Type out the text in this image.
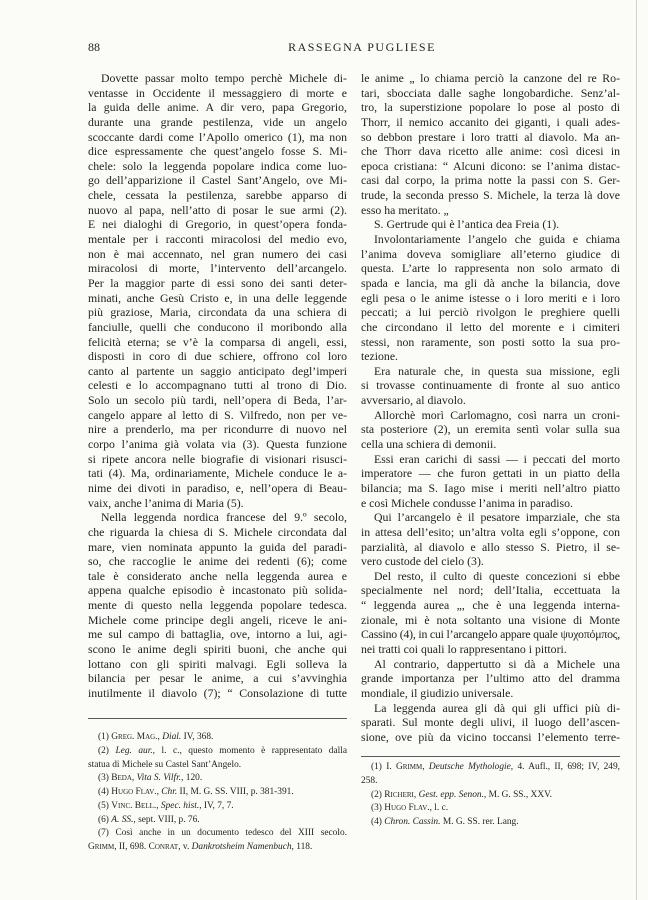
88	RASSEGNA PUGLIESE
Dovette passar molto tempo perchè Michele di-
ventasse in Occidente il messaggiero di morte e
la guida delle anime. A dir vero, papa Gregorio,
durante una grande pestilenza, vide un angelo
scoccante dardi come l’Apollo omerico (1), ma non
dice espressamente che quest’angelo fosse S. Mi-
chele: solo la leggenda popolare indica come luo-
go dell’apparizione il Castel Sant’Angelo, ove Mi-
chele, cessata la pestilenza, sarebbe apparso di
nuovo al papa, nell’atto di posar le sue armi (2).
E nei dialoghi di Gregorio, in quest’opera fonda-
mentale per i racconti miracolosi del medio evo,
non è mai accennato, nel gran numero dei casi
miracolosi di morte, l’intervento dell’arcangelo.
Per la maggior parte di essi sono dei santi deter-
minati, anche Gesù Cristo e, in una delle leggende
più graziose, Maria, circondata da una schiera di
fanciulle, quelli che conducono il moribondo alla
felicità eterna; se v’è la comparsa di angeli, essi,
disposti in coro di due schiere, offrono col loro
canto al partente un saggio anticipato degl’imperi
celesti e lo accompagnano tutti al trono di Dio.
Solo un secolo più tardi, nell’opera di Beda, l’ar-
cangelo appare al letto di S. Vilfredo, non per ve-
nire a prenderlo, ma per ricondurre di nuovo nel
corpo l’anima già volata via (3). Questa funzione
si ripete ancora nelle biografie di visionari risusci-
tati (4). Ma, ordinariamente, Michele conduce le a-
nime dei divoti in paradiso, e, nell’opera di Beau-
vaix, anche l’anima di Maria (5).
Nella leggenda nordica francese del 9.º secolo,
che riguarda la chiesa di S. Michele circondata dal
mare, vien nominata appunto la guida del paradi-
so, che raccoglie le anime dei redenti (6); come
tale è considerato anche nella leggenda aurea e
appena qualche episodio è incastonato più solida-
mente di questo nella leggenda popolare tedesca.
Michele come principe degli angeli, riceve le ani-
me sul campo di battaglia, ove, intorno a lui, agi-
scono le anime degli spiriti buoni, che anche qui
lottano con gli spiriti malvagi. Egli solleva la
bilancia per pesar le anime, a cui s’avvinghia
inutilmente il diavolo (7); “ Consolazione di tutte
le anime „ lo chiama perciò la canzone del re Ro-
tari, sbocciata dalle saghe longobardiche. Senz’al-
tro, la superstizione popolare lo pose al posto di
Thorr, il nemico accanito dei giganti, i quali ades-
so debbon prestare i loro tratti al diavolo. Ma an-
che Thorr dava ricetto alle anime: così dicesi in
epoca cristiana: “ Alcuni dicono: se l’anima distac-
casi dal corpo, la prima notte la passi con S. Ger-
trude, la seconda presso S. Michele, la terza là dove
esso ha meritato. „
S. Gertrude qui è l’antica dea Freia (1).
Involontariamente l’angelo che guida e chiama
l’anima doveva somigliare all’eterno giudice di
questa. L’arte lo rappresenta non solo armato di
spada e lancia, ma gli dà anche la bilancia, dove
egli pesa o le anime istesse o i loro meriti e i loro
peccati; a lui perciò rivolgon le preghiere quelli
che circondano il letto del morente e i cimiteri
stessi, non raramente, son posti sotto la sua pro-
tezione.
Era naturale che, in questa sua missione, egli
si trovasse continuamente di fronte al suo antico
avversario, al diavolo.
Allorchè morì Carlomagno, così narra un croni-
sta posteriore (2), un eremita sentì volar sulla sua
cella una schiera di demonii.
Essi eran carichi di sassi — i peccati del morto
imperatore — che furon gettati in un piatto della
bilancia; ma S. Iago mise i meriti nell’altro piatto
e così Michele condusse l’anima in paradiso.
Qui l’arcangelo è il pesatore imparziale, che sta
in attesa dell’esito; un’altra volta egli s’oppone, con
parzialità, al diavolo e allo stesso S. Pietro, il se-
vero custode del cielo (3).
Del resto, il culto di queste concezioni si ebbe
specialmente nel nord; dell’Italia, eccettuata la
“ leggenda aurea „, che è una leggenda interna-
zionale, mi è nota soltanto una visione di Monte
Cassino (4), in cui l’arcangelo appare quale ψυχοπόμπος,
nei tratti coi quali lo rappresentano i pittori.
Al contrario, dappertutto si dà a Michele una
grande importanza per l’ultimo atto del dramma
mondiale, il giudizio universale.
La leggenda aurea gli dà qui gli uffici più di-
sparati. Sul monte degli ulivi, il luogo dell’ascen-
sione, ove più da vicino toccansi l’elemento terre-
(1) Greg. Mag., Dial. IV, 368.
(2) Leg. aur., l. c., questo momento è rappresentato dalla
statua di Michele su Castel Sant’Angelo.
(3) Beda, Vita S. Vilfr., 120.
(4) Hugo Flav., Chr. II, M. G. SS. VIII, p. 381-391.
(5) Vinc. Bell., Spec. hist., IV, 7, 7.
(6) A. SS., sept. VIII, p. 76.
(7) Così anche in un documento tedesco del XIII secolo.
Grimm, II, 698. Conrat, v. Dankrotsheim Namenbuch, 118.
(1) I. Grimm, Deutsche Mythologie, 4. Aufl., II, 698; IV, 249,
258.
(2) Richeri, Gest. epp. Senon., M. G. SS., XXV.
(3) Hugo Flav., l. c.
(4) Chron. Cassin. M. G. SS. rer. Lang.
